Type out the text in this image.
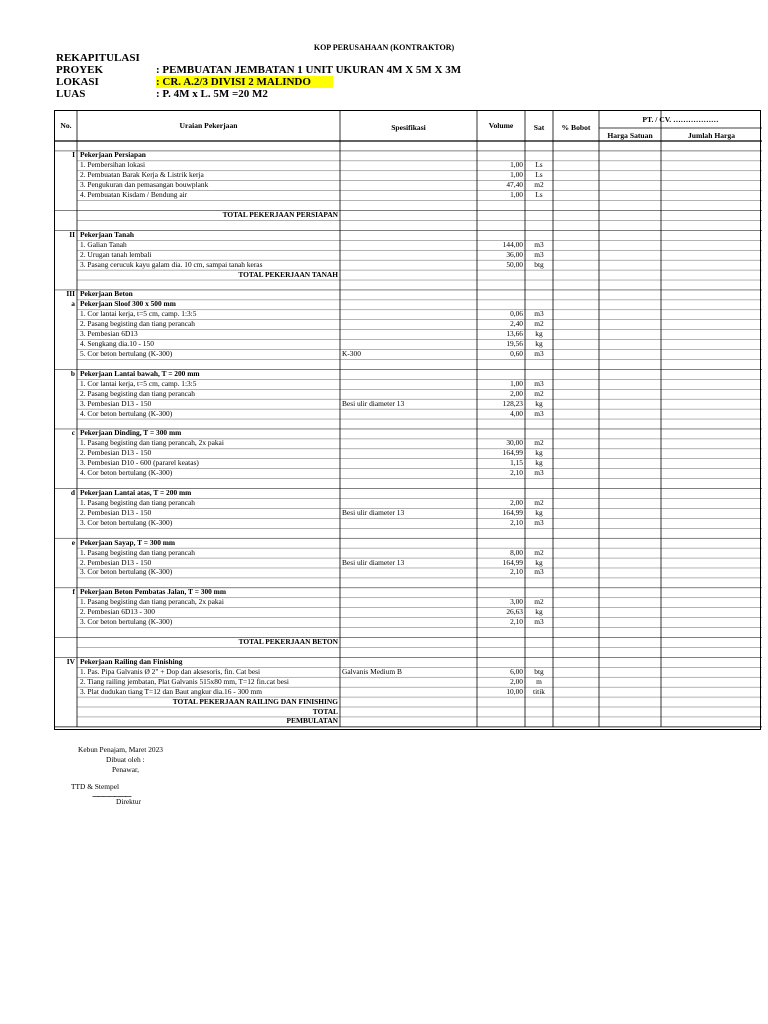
KOP PERUSAHAAN (KONTRAKTOR)
REKAPITULASI
PROYEK	: PEMBUATAN JEMBATAN 1 UNIT UKURAN 4M X 5M X 3M
LOKASI	: CR. A.2/3 DIVISI 2 MALINDO
LUAS	: P. 4M x L. 5M =20 M2
No.	Uraian Pekerjaan	Spesifikasi	Volume	Sat	% Bobot
PT. / CV. ………………
Harga Satuan	Jumlah Harga
I Pekerjaan Persiapan
1. Pembersihan lokasi	1,00	Ls
2. Pembuatan Barak Kerja & Listrik kerja	1,00	Ls
3. Pengukuran dan pemasangan bouwplank	47,40	m2
4. Pembuatan Kisdam / Bendung air	1,00	Ls
TOTAL PEKERJAAN PERSIAPAN
II Pekerjaan Tanah
1. Galian Tanah	144,00	m3
2. Urugan tanah lembali	36,00	m3
3. Pasang cerucuk kayu galam dia. 10 cm, sampai tanah keras	50,00	btg
TOTAL PEKERJAAN TANAH
III Pekerjaan Beton
a Pekerjaan Sloof 300 x 500 mm
1. Cor lantai kerja, t=5 cm, camp. 1:3:5	0,06	m3
2. Pasang begisting dan tiang perancah	2,40	m2
3. Pembesian 6D13	13,66	kg
4. Sengkang dia.10 - 150	19,56	kg
5. Cor beton bertulang (K-300)	K-300	0,60	m3
b Pekerjaan Lantai bawah, T = 200 mm
1. Cor lantai kerja, t=5 cm, camp. 1:3:5	1,00	m3
2. Pasang begisting dan tiang perancah	2,00	m2
3. Pembesian D13 - 150	Besi ulir diameter 13	128,23	kg
4. Cor beton bertulang (K-300)	4,00	m3
c Pekerjaan Dinding, T = 300 mm
1. Pasang begisting dan tiang perancah, 2x pakai	30,00	m2
2. Pembesian D13 - 150	164,99	kg
3. Pembesian D10 - 600 (pararel keatas)	1,15	kg
4. Cor beton bertulang (K-300)	2,10	m3
d Pekerjaan Lantai atas, T = 200 mm
1. Pasang begisting dan tiang perancah	2,00	m2
2. Pembesian D13 - 150	Besi ulir diameter 13	164,99	kg
3. Cor beton bertulang (K-300)	2,10	m3
e Pekerjaan Sayap, T = 300 mm
1. Pasang begisting dan tiang perancah	8,00	m2
2. Pembesian D13 - 150	Besi ulir diameter 13	164,99	kg
3. Cor beton bertulang (K-300)	2,10	m3
f Pekerjaan Beton Pembatas Jalan, T = 300 mm
1. Pasang begisting dan tiang perancah, 2x pakai	3,00	m2
2. Pembesian 6D13 - 300	26,63	kg
3. Cor beton bertulang (K-300)	2,10	m3
TOTAL PEKERJAAN BETON
IV Pekerjaan Railing dan Finishing
1. Pas. Pipa Galvanis Ø 2" + Dop dan aksesoris, fin. Cat besi	Galvanis Medium B	6,00	btg
2. Tiang railing jembatan, Plat Galvanis 515x80 mm, T=12 fin.cat besi	2,00	m
3. Plat dudukan tiang T=12 dan Baut angkur dia.16 - 300 mm	10,00	titik
TOTAL PEKERJAAN RAILING DAN FINISHING
TOTAL
PEMBULATAN
Kebun Penajam, Maret 2023
Dibuat oleh :
Penawar,
TTD & Stempel
..............................................
Direktur
